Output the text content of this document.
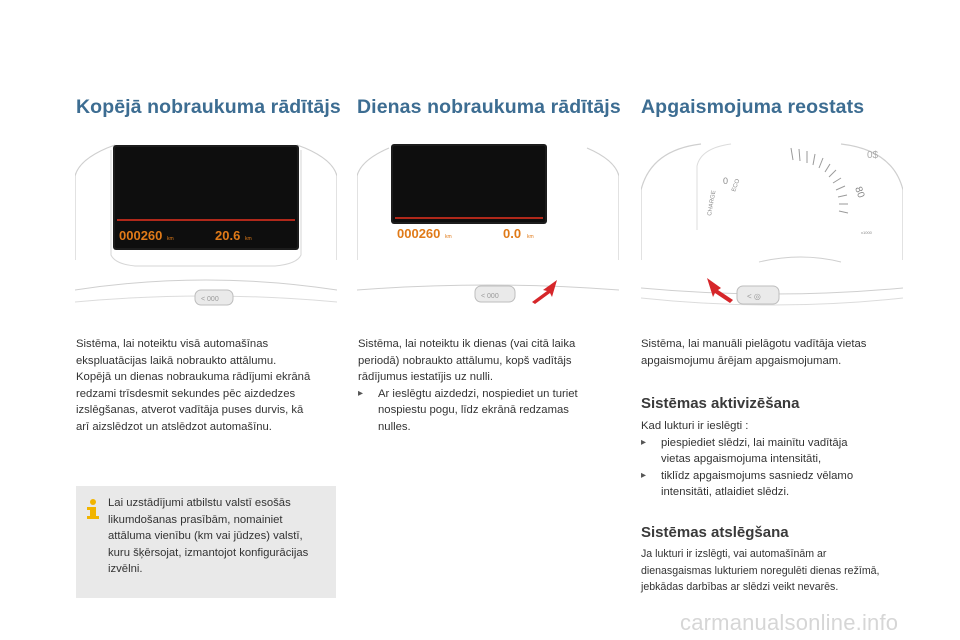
Kopējā nobraukuma rādītājs Dienas nobraukuma rādītājs Apgaismojuma reostats
000260 km	20.6 km
< 000
000260 km	0.0 km
< 000
CHARGE
ECO
0
80
0$
x1000
< ◎

Sistēma, lai noteiktu visā automašīnas

ekspluatācijas laikā nobraukto attālumu.

Kopējā un dienas nobraukuma rādījumi ekrānā

redzami trīsdesmit sekundes pēc aizdedzes

izslēgšanas, atverot vadītāja puses durvis, kā

arī aizslēdzot un atslēdzot automašīnu.

Lai uzstādījumi atbilstu valstī esošās

likumdošanas prasībām, nomainiet

attāluma vienību (km vai jūdzes) valstī,

kuru šķērsojat, izmantojot konfigurācijas

izvēlni.

Sistēma, lai noteiktu ik dienas (vai citā laika

periodā) nobraukto attālumu, kopš vadītājs

rādījumus iestatījis uz nulli.

▸	Ar ieslēgtu aizdedzi, nospiediet un turiet

nospiestu pogu, līdz ekrānā redzamas

nulles.

Sistēma, lai manuāli pielāgotu vadītāja vietas

apgaismojumu ārējam apgaismojumam.

Sistēmas aktivizēšana

Kad lukturi ir ieslēgti :

▸	piespiediet slēdzi, lai mainītu vadītāja

vietas apgaismojuma intensitāti,

▸	tiklīdz apgaismojums sasniedz vēlamo

intensitāti, atlaidiet slēdzi.

Sistēmas atslēgšana

Ja lukturi ir izslēgti, vai automašīnām ar

dienasgaismas lukturiem noregulēti dienas režīmā,

jebkādas darbības ar slēdzi veikt nevarēs.

carmanualsonline.info
